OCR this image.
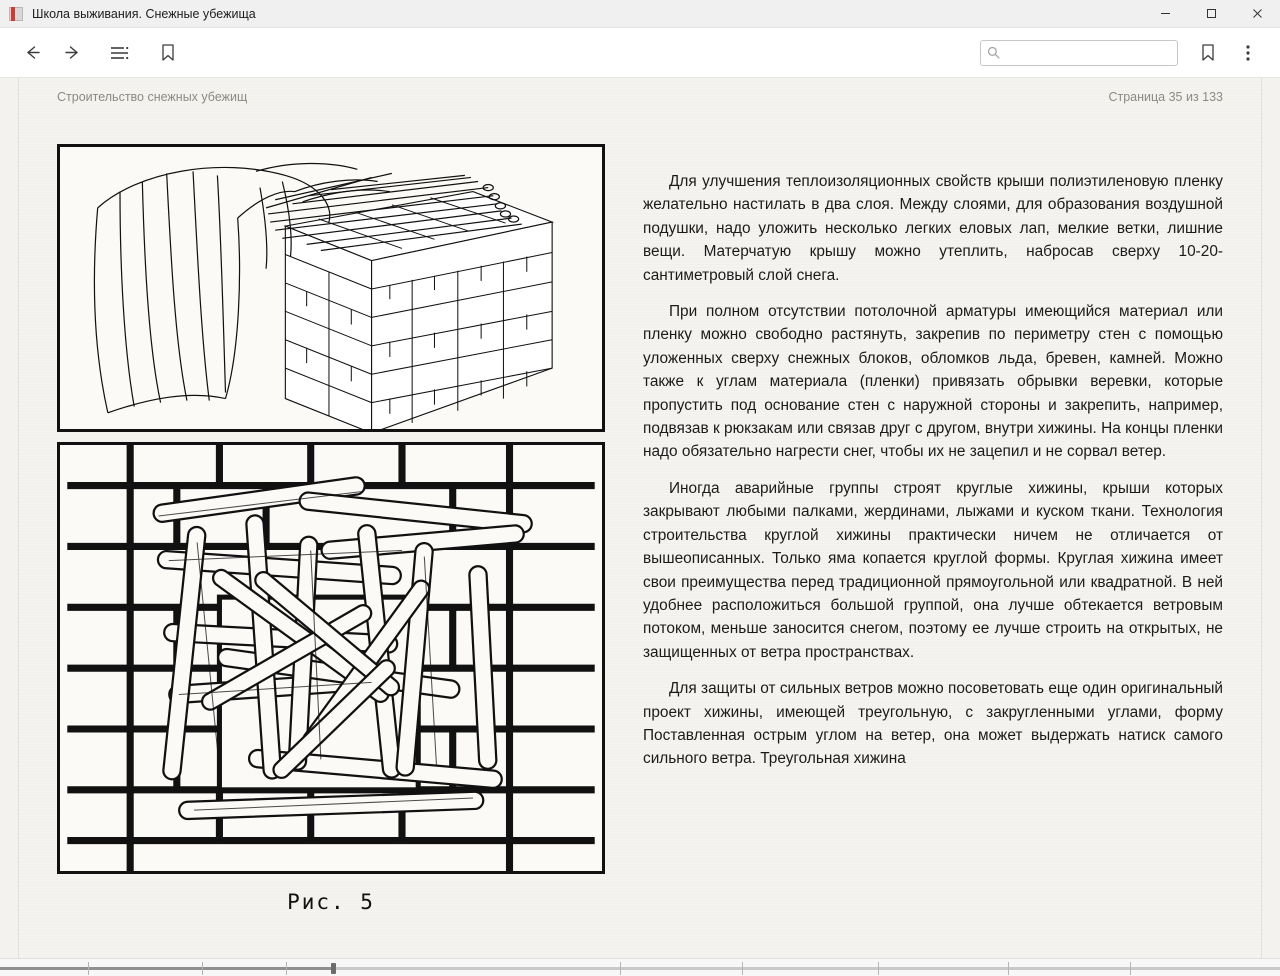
Школа выживания. Снежные убежища
Строительство снежных убежищ	Страница 35 из 133
Рис. 5

Для улучшения теплоизоляционных свойств крыши полиэтиленовую пленку желательно настилать в два слоя. Между слоями, для образования воздушной подушки, надо уложить несколько легких еловых лап, мелкие ветки, лишние вещи. Матерчатую крышу можно утеплить, набросав сверху 10-20-сантиметровый слой снега.

При полном отсутствии потолочной арматуры имеющийся материал или пленку можно свободно растянуть, закрепив по периметру стен с помощью уложенных сверху снежных блоков, обломков льда, бревен, камней. Можно также к углам материала (пленки) привязать обрывки веревки, которые пропустить под основание стен с наружной стороны и закрепить, например, подвязав к рюкзакам или связав друг с другом, внутри хижины. На концы пленки надо обязательно нагрести снег, чтобы их не зацепил и не сорвал ветер.

Иногда аварийные группы строят круглые хижины, крыши которых закрывают любыми палками, жердинами, лыжами и куском ткани. Технология строительства круглой хижины практически ничем не отличается от вышеописанных. Только яма копается круглой формы. Круглая хижина имеет свои преимущества перед традиционной прямоугольной или квадратной. В ней удобнее расположиться большой группой, она лучше обтекается ветровым потоком, меньше заносится снегом, поэтому ее лучше строить на открытых, не защищенных от ветра пространствах.

Для защиты от сильных ветров можно посоветовать еще один оригинальный проект хижины, имеющей треугольную, с закругленными углами, форму Поставленная острым углом на ветер, она может выдержать натиск самого сильного ветра. Треугольная хижина
